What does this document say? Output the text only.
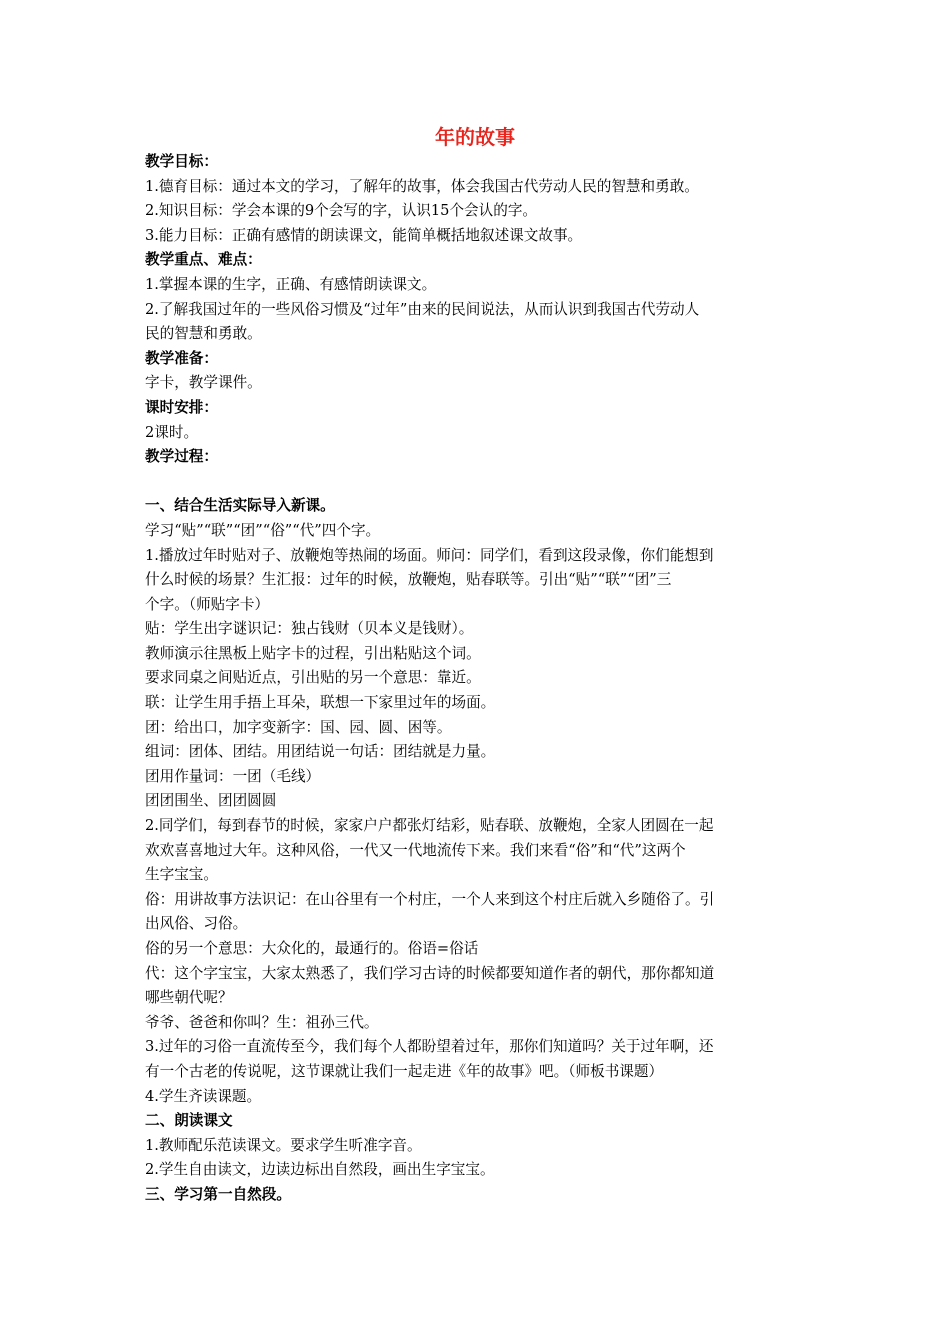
年的故事
教学目标：
1.德育目标：通过本文的学习，了解年的故事，体会我国古代劳动人民的智慧和勇敢。
2.知识目标：学会本课的9个会写的字，认识15个会认的字。
3.能力目标：正确有感情的朗读课文，能简单概括地叙述课文故事。
教学重点、难点：
1.掌握本课的生字，正确、有感情朗读课文。
2.了解我国过年的一些风俗习惯及“过年”由来的民间说法，从而认识到我国古代劳动人
民的智慧和勇敢。
教学准备：
字卡，教学课件。
课时安排：
2课时。
教学过程：
一、结合生活实际导入新课。
学习“贴”“联”“团”“俗”“代”四个字。
1.播放过年时贴对子、放鞭炮等热闹的场面。师问：同学们，看到这段录像，你们能想到
什么时候的场景？生汇报：过年的时候，放鞭炮，贴春联等。引出“贴”“联”“团”三
个字。（师贴字卡）
贴：学生出字谜识记：独占钱财（贝本义是钱财）。
教师演示往黑板上贴字卡的过程，引出粘贴这个词。
要求同桌之间贴近点，引出贴的另一个意思：靠近。
联：让学生用手捂上耳朵，联想一下家里过年的场面。
团：给出口，加字变新字：国、园、圆、困等。
组词：团体、团结。用团结说一句话：团结就是力量。
团用作量词：一团（毛线）
团团围坐、团团圆圆
2.同学们，每到春节的时候，家家户户都张灯结彩，贴春联、放鞭炮，全家人团圆在一起
欢欢喜喜地过大年。这种风俗，一代又一代地流传下来。我们来看“俗”和“代”这两个
生字宝宝。
俗：用讲故事方法识记：在山谷里有一个村庄，一个人来到这个村庄后就入乡随俗了。引
出风俗、习俗。
俗的另一个意思：大众化的，最通行的。俗语=俗话
代：这个字宝宝，大家太熟悉了，我们学习古诗的时候都要知道作者的朝代，那你都知道
哪些朝代呢？
爷爷、爸爸和你叫？生：祖孙三代。
3.过年的习俗一直流传至今，我们每个人都盼望着过年，那你们知道吗？关于过年啊，还
有一个古老的传说呢，这节课就让我们一起走进《年的故事》吧。（师板书课题）
4.学生齐读课题。
二、朗读课文
1.教师配乐范读课文。要求学生听准字音。
2.学生自由读文，边读边标出自然段，画出生字宝宝。
三、学习第一自然段。
